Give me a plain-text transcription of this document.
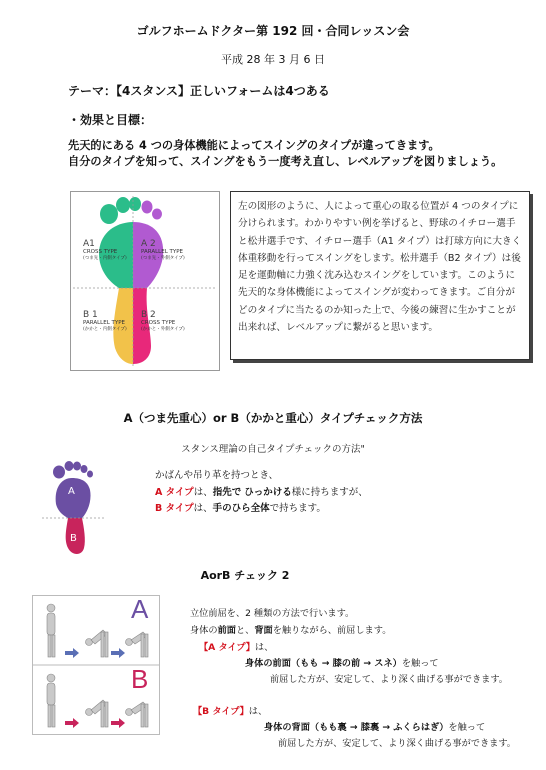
ゴルフホームドクター第 192 回・合同レッスン会
平成 28 年 3 月 6 日
テーマ：【4スタンス】正しいフォームは4つある
・効果と目標：
先天的にある 4 つの身体機能によってスイングのタイプが違ってきます。
自分のタイプを知って、スイングをもう一度考え直し、レベルアップを図りましょう。
A1
CROSS TYPE
(つま先・内側タイプ)
A 2
PARALLEL TYPE
(つま先・外側タイプ)
B 1
PARALLEL TYPE
(かかと・内側タイプ)
B 2
CROSS TYPE
(かかと・外側タイプ)
左の図形のように、人によって重心の取る位置が 4 つのタイプに分けられます。わかりやすい例を挙げると、野球のイチロー選手と松井選手です、イチロー選手（A1 タイプ）は打球方向に大きく体重移動を行ってスイングをします。松井選手（B2 タイプ）は後足を運動軸に力強く沈み込むスイングをしています。このように先天的な身体機能によってスイングが変わってきます。ご自分がどのタイプに当たるのか知った上で、今後の練習に生かすことが出来れば、レベルアップに繋がると思います。
A（つま先重心）or B（かかと重心）タイプチェック方法
スタンス理論の自己タイプチェックの方法"
A
B
かばんや吊り革を持つとき、
A タイプは、指先で ひっかける様に持ちますが、
B タイプは、手のひら全体で持ちます。
AorB チェック 2
A
B
立位前屈を、2 種類の方法で行います。
身体の前面と、背面を触りながら、前屈します。
【A タイプ】は、
身体の前面（もも → 膝の前 → スネ）を触って
前屈した方が、安定して、より深く曲げる事ができます。
【B タイプ】は、
身体の背面（もも裏 → 膝裏 → ふくらはぎ）を触って
前屈した方が、安定して、より深く曲げる事ができます。
